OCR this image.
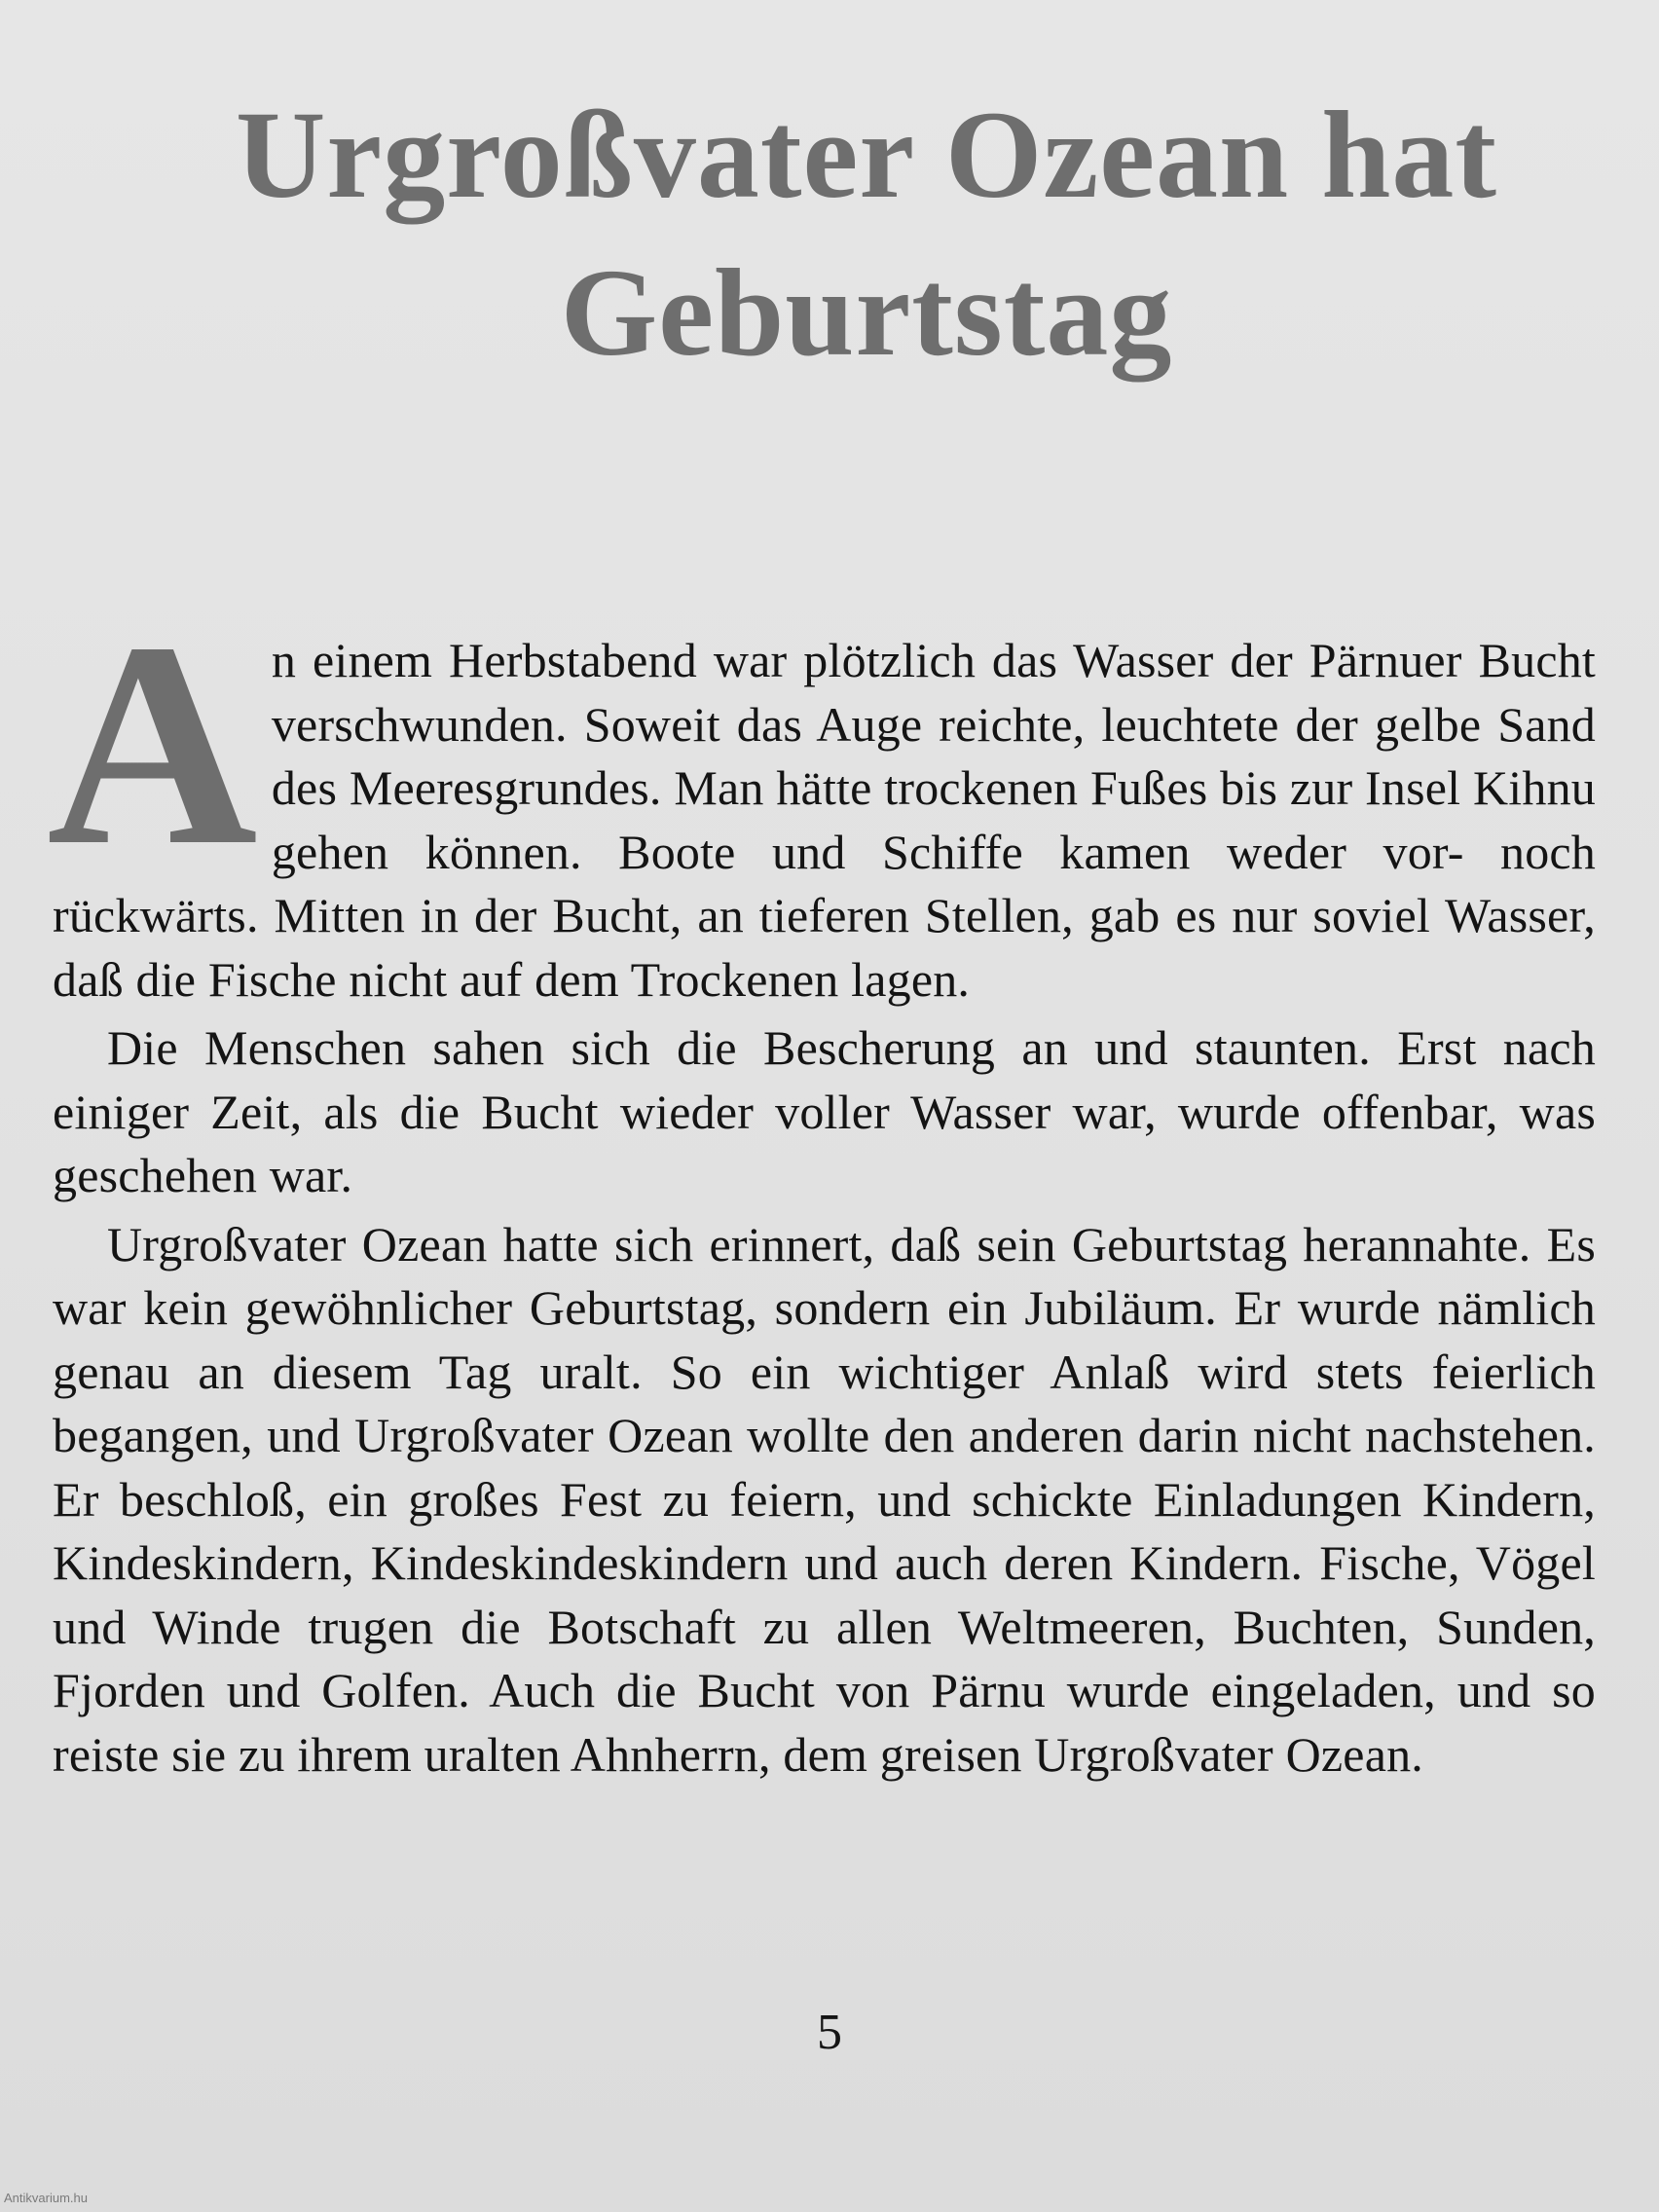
Urgroßvater Ozean hat
Geburtstag

A n einem Herbstabend war plötzlich das Wasser der Pärnuer Bucht verschwunden. Soweit das Auge reichte, leuchtete der gelbe Sand des Meeresgrundes. Man hätte trockenen Fußes bis zur Insel Kihnu gehen können. Boote und Schiffe kamen weder vor- noch rückwärts. Mitten in der Bucht, an tieferen Stellen, gab es nur soviel Wasser, daß die Fische nicht auf dem Trockenen lagen.

Die Menschen sahen sich die Bescherung an und staunten. Erst nach einiger Zeit, als die Bucht wieder voller Wasser war, wurde offenbar, was geschehen war.

Urgroßvater Ozean hatte sich erinnert, daß sein Geburtstag herannahte. Es war kein gewöhnlicher Geburtstag, sondern ein Jubiläum. Er wurde nämlich genau an diesem Tag uralt. So ein wichtiger Anlaß wird stets feierlich begangen, und Urgroßvater Ozean wollte den anderen darin nicht nachstehen. Er beschloß, ein großes Fest zu feiern, und schickte Einladungen Kindern, Kindeskindern, Kindeskindeskindern und auch deren Kindern. Fische, Vögel und Winde trugen die Botschaft zu allen Weltmeeren, Buchten, Sunden, Fjorden und Golfen. Auch die Bucht von Pärnu wurde eingeladen, und so reiste sie zu ihrem uralten Ahnherrn, dem greisen Urgroßvater Ozean.

5
Antikvarium.hu
